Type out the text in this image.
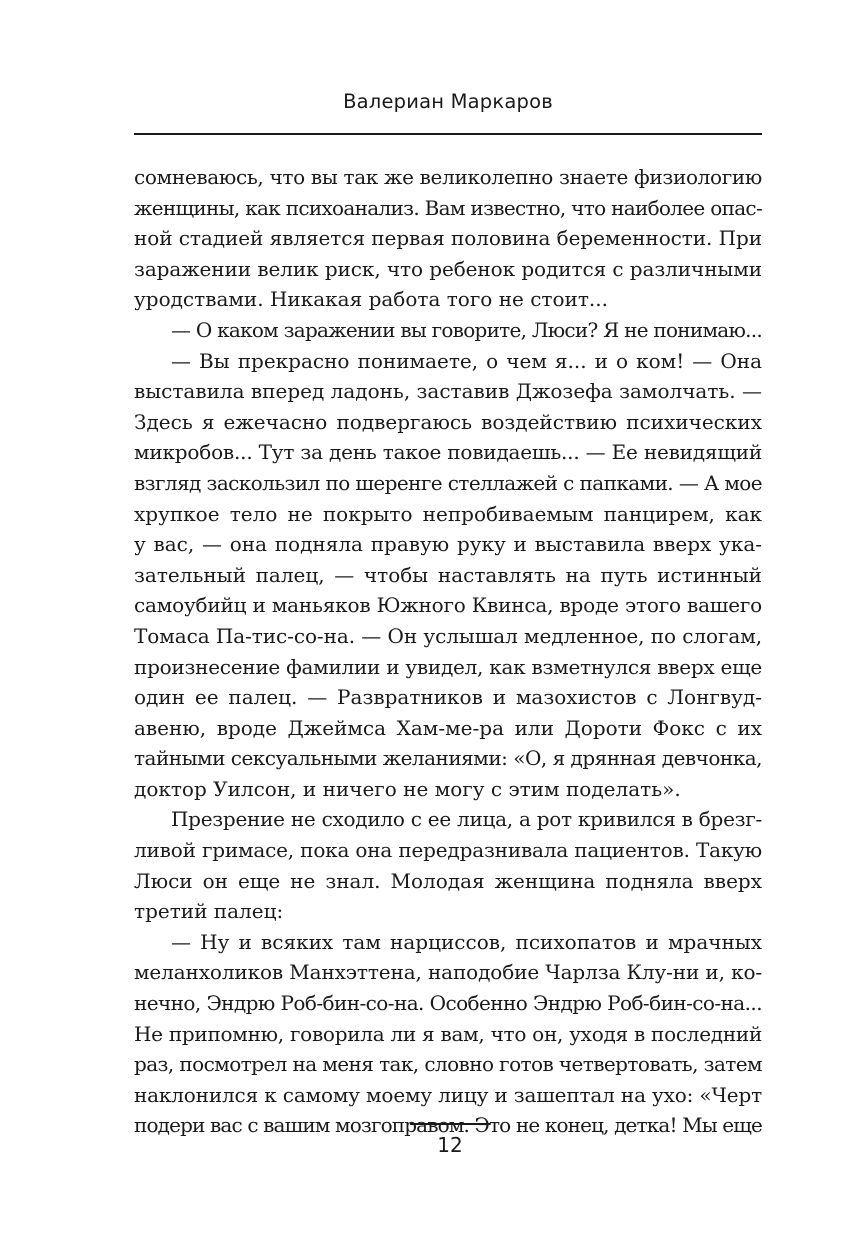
Валериан Маркаров
сомневаюсь, что вы так же великолепно знаете физиологию
женщины, как психоанализ. Вам известно, что наиболее опас-
ной стадией является первая половина беременности. При
заражении велик риск, что ребенок родится с различными
уродствами. Никакая работа того не стоит...
— О каком заражении вы говорите, Люси? Я не понимаю...
— Вы прекрасно понимаете, о чем я... и о ком! — Она
выставила вперед ладонь, заставив Джозефа замолчать. —
Здесь я ежечасно подвергаюсь воздействию психических
микробов... Тут за день такое повидаешь... — Ее невидящий
взгляд заскользил по шеренге стеллажей с папками. — А мое
хрупкое тело не покрыто непробиваемым панцирем, как
у вас, — она подняла правую руку и выставила вверх ука-
зательный палец, — чтобы наставлять на путь истинный
самоубийц и маньяков Южного Квинса, вроде этого вашего
Томаса Па-тис-со-на. — Он услышал медленное, по слогам,
произнесение фамилии и увидел, как взметнулся вверх еще
один ее палец. — Развратников и мазохистов с Лонгвуд-
авеню, вроде Джеймса Хам-ме-ра или Дороти Фокс с их
тайными сексуальными желаниями: «О, я дрянная девчонка,
доктор Уилсон, и ничего не могу с этим поделать».
Презрение не сходило с ее лица, а рот кривился в брезг-
ливой гримасе, пока она передразнивала пациентов. Такую
Люси он еще не знал. Молодая женщина подняла вверх
третий палец:
— Ну и всяких там нарциссов, психопатов и мрачных
меланхоликов Манхэттена, наподобие Чарлза Клу-ни и, ко-
нечно, Эндрю Роб-бин-со-на. Особенно Эндрю Роб-бин-со-на...
Не припомню, говорила ли я вам, что он, уходя в последний
раз, посмотрел на меня так, словно готов четвертовать, затем
наклонился к самому моему лицу и зашептал на ухо: «Черт
подери вас с вашим мозгоправом. Это не конец, детка! Мы еще
12
